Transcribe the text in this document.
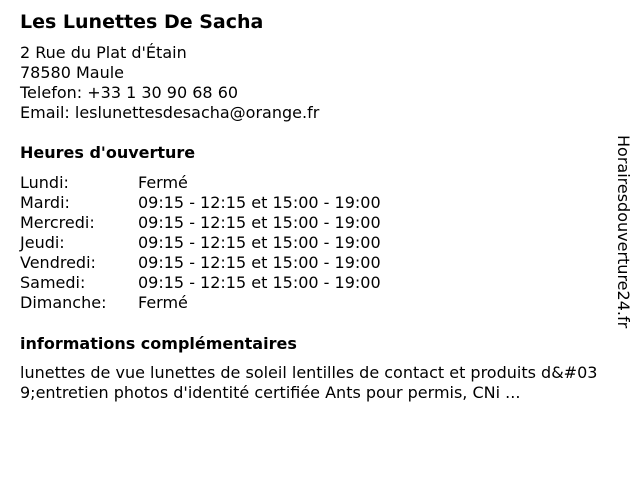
Les Lunettes De Sacha
2 Rue du Plat d'Étain
78580 Maule
Telefon: +33 1 30 90 68 60
Email: leslunettesdesacha@orange.fr
Heures d'ouverture
Lundi:	Fermé
Mardi:	09:15 - 12:15 et 15:00 - 19:00
Mercredi:	09:15 - 12:15 et 15:00 - 19:00
Jeudi:	09:15 - 12:15 et 15:00 - 19:00
Vendredi:	09:15 - 12:15 et 15:00 - 19:00
Samedi:	09:15 - 12:15 et 15:00 - 19:00
Dimanche: Fermé
informations complémentaires
lunettes de vue lunettes de soleil lentilles de contact et produits d&#039;entretien photos d'identité certifiée Ants pour permis, CNi ...
Horairesdouverture24.fr
